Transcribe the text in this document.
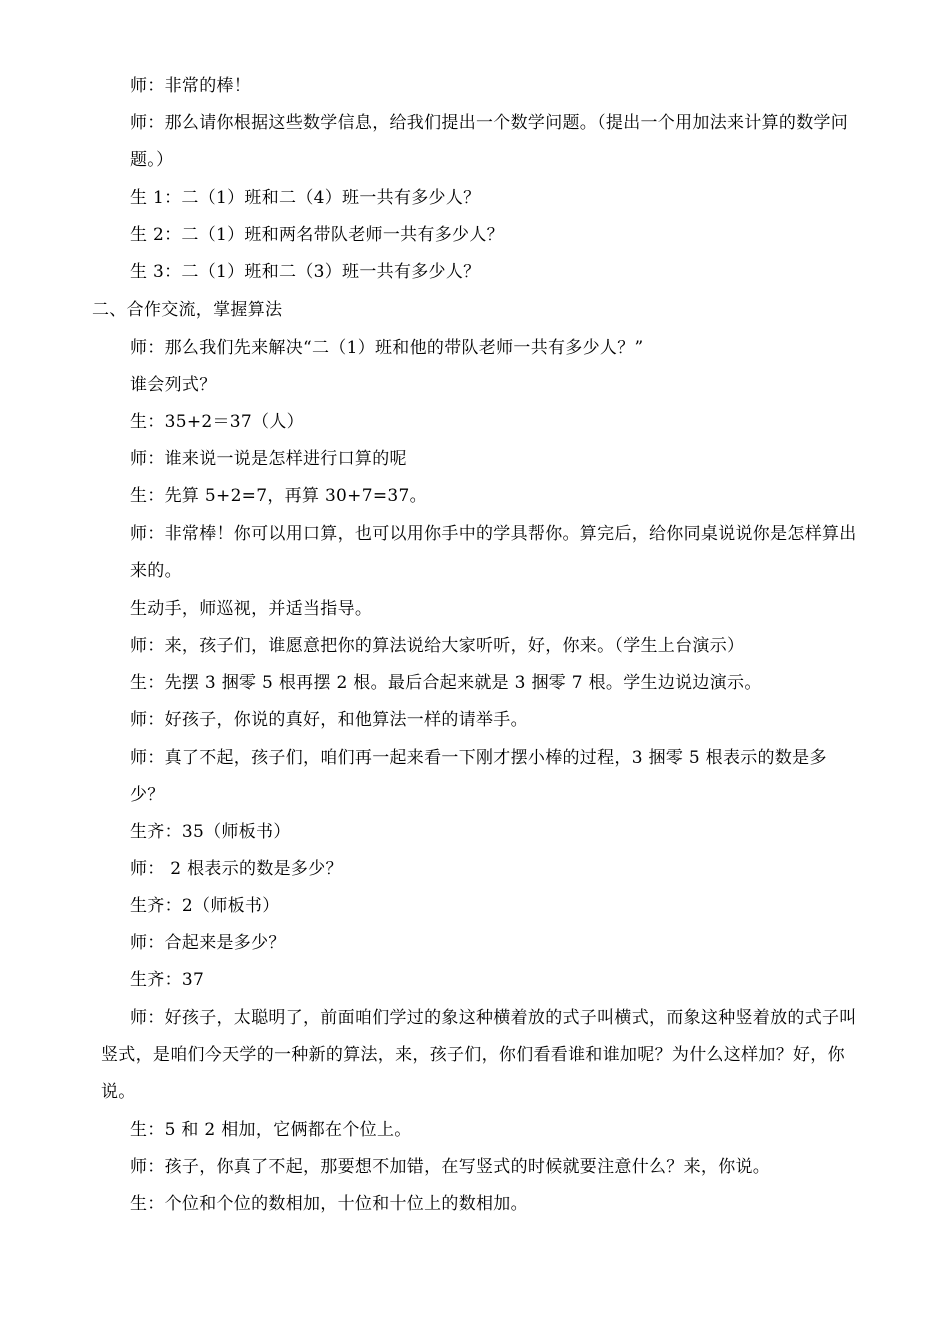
师：非常的棒！
师：那么请你根据这些数学信息，给我们提出一个数学问题。（提出一个用加法来计算的数学问题。）
生 1：二（1）班和二（4）班一共有多少人？
生 2：二（1）班和两名带队老师一共有多少人？
生 3：二（1）班和二（3）班一共有多少人？
二、合作交流，掌握算法
师：那么我们先来解决“二（1）班和他的带队老师一共有多少人？”
谁会列式？
生：35+2＝37（人）
师：谁来说一说是怎样进行口算的呢
生：先算 5+2=7，再算 30+7=37。
师：非常棒！你可以用口算，也可以用你手中的学具帮你。算完后，给你同桌说说你是怎样算出来的。
生动手，师巡视，并适当指导。
师：来，孩子们，谁愿意把你的算法说给大家听听，好，你来。（学生上台演示）
生：先摆 3 捆零 5 根再摆 2 根。最后合起来就是 3 捆零 7 根。学生边说边演示。
师：好孩子，你说的真好，和他算法一样的请举手。
师：真了不起，孩子们，咱们再一起来看一下刚才摆小棒的过程，3 捆零 5 根表示的数是多少？
生齐：35（师板书）
师： 2 根表示的数是多少？
生齐：2（师板书）
师：合起来是多少？
生齐：37
师：好孩子，太聪明了，前面咱们学过的象这种横着放的式子叫横式，而象这种竖着放的式子叫竖式，是咱们今天学的一种新的算法，来，孩子们，你们看看谁和谁加呢？为什么这样加？好，你说。
生：5 和 2 相加，它俩都在个位上。
师：孩子，你真了不起，那要想不加错，在写竖式的时候就要注意什么？来，你说。
生：个位和个位的数相加，十位和十位上的数相加。
